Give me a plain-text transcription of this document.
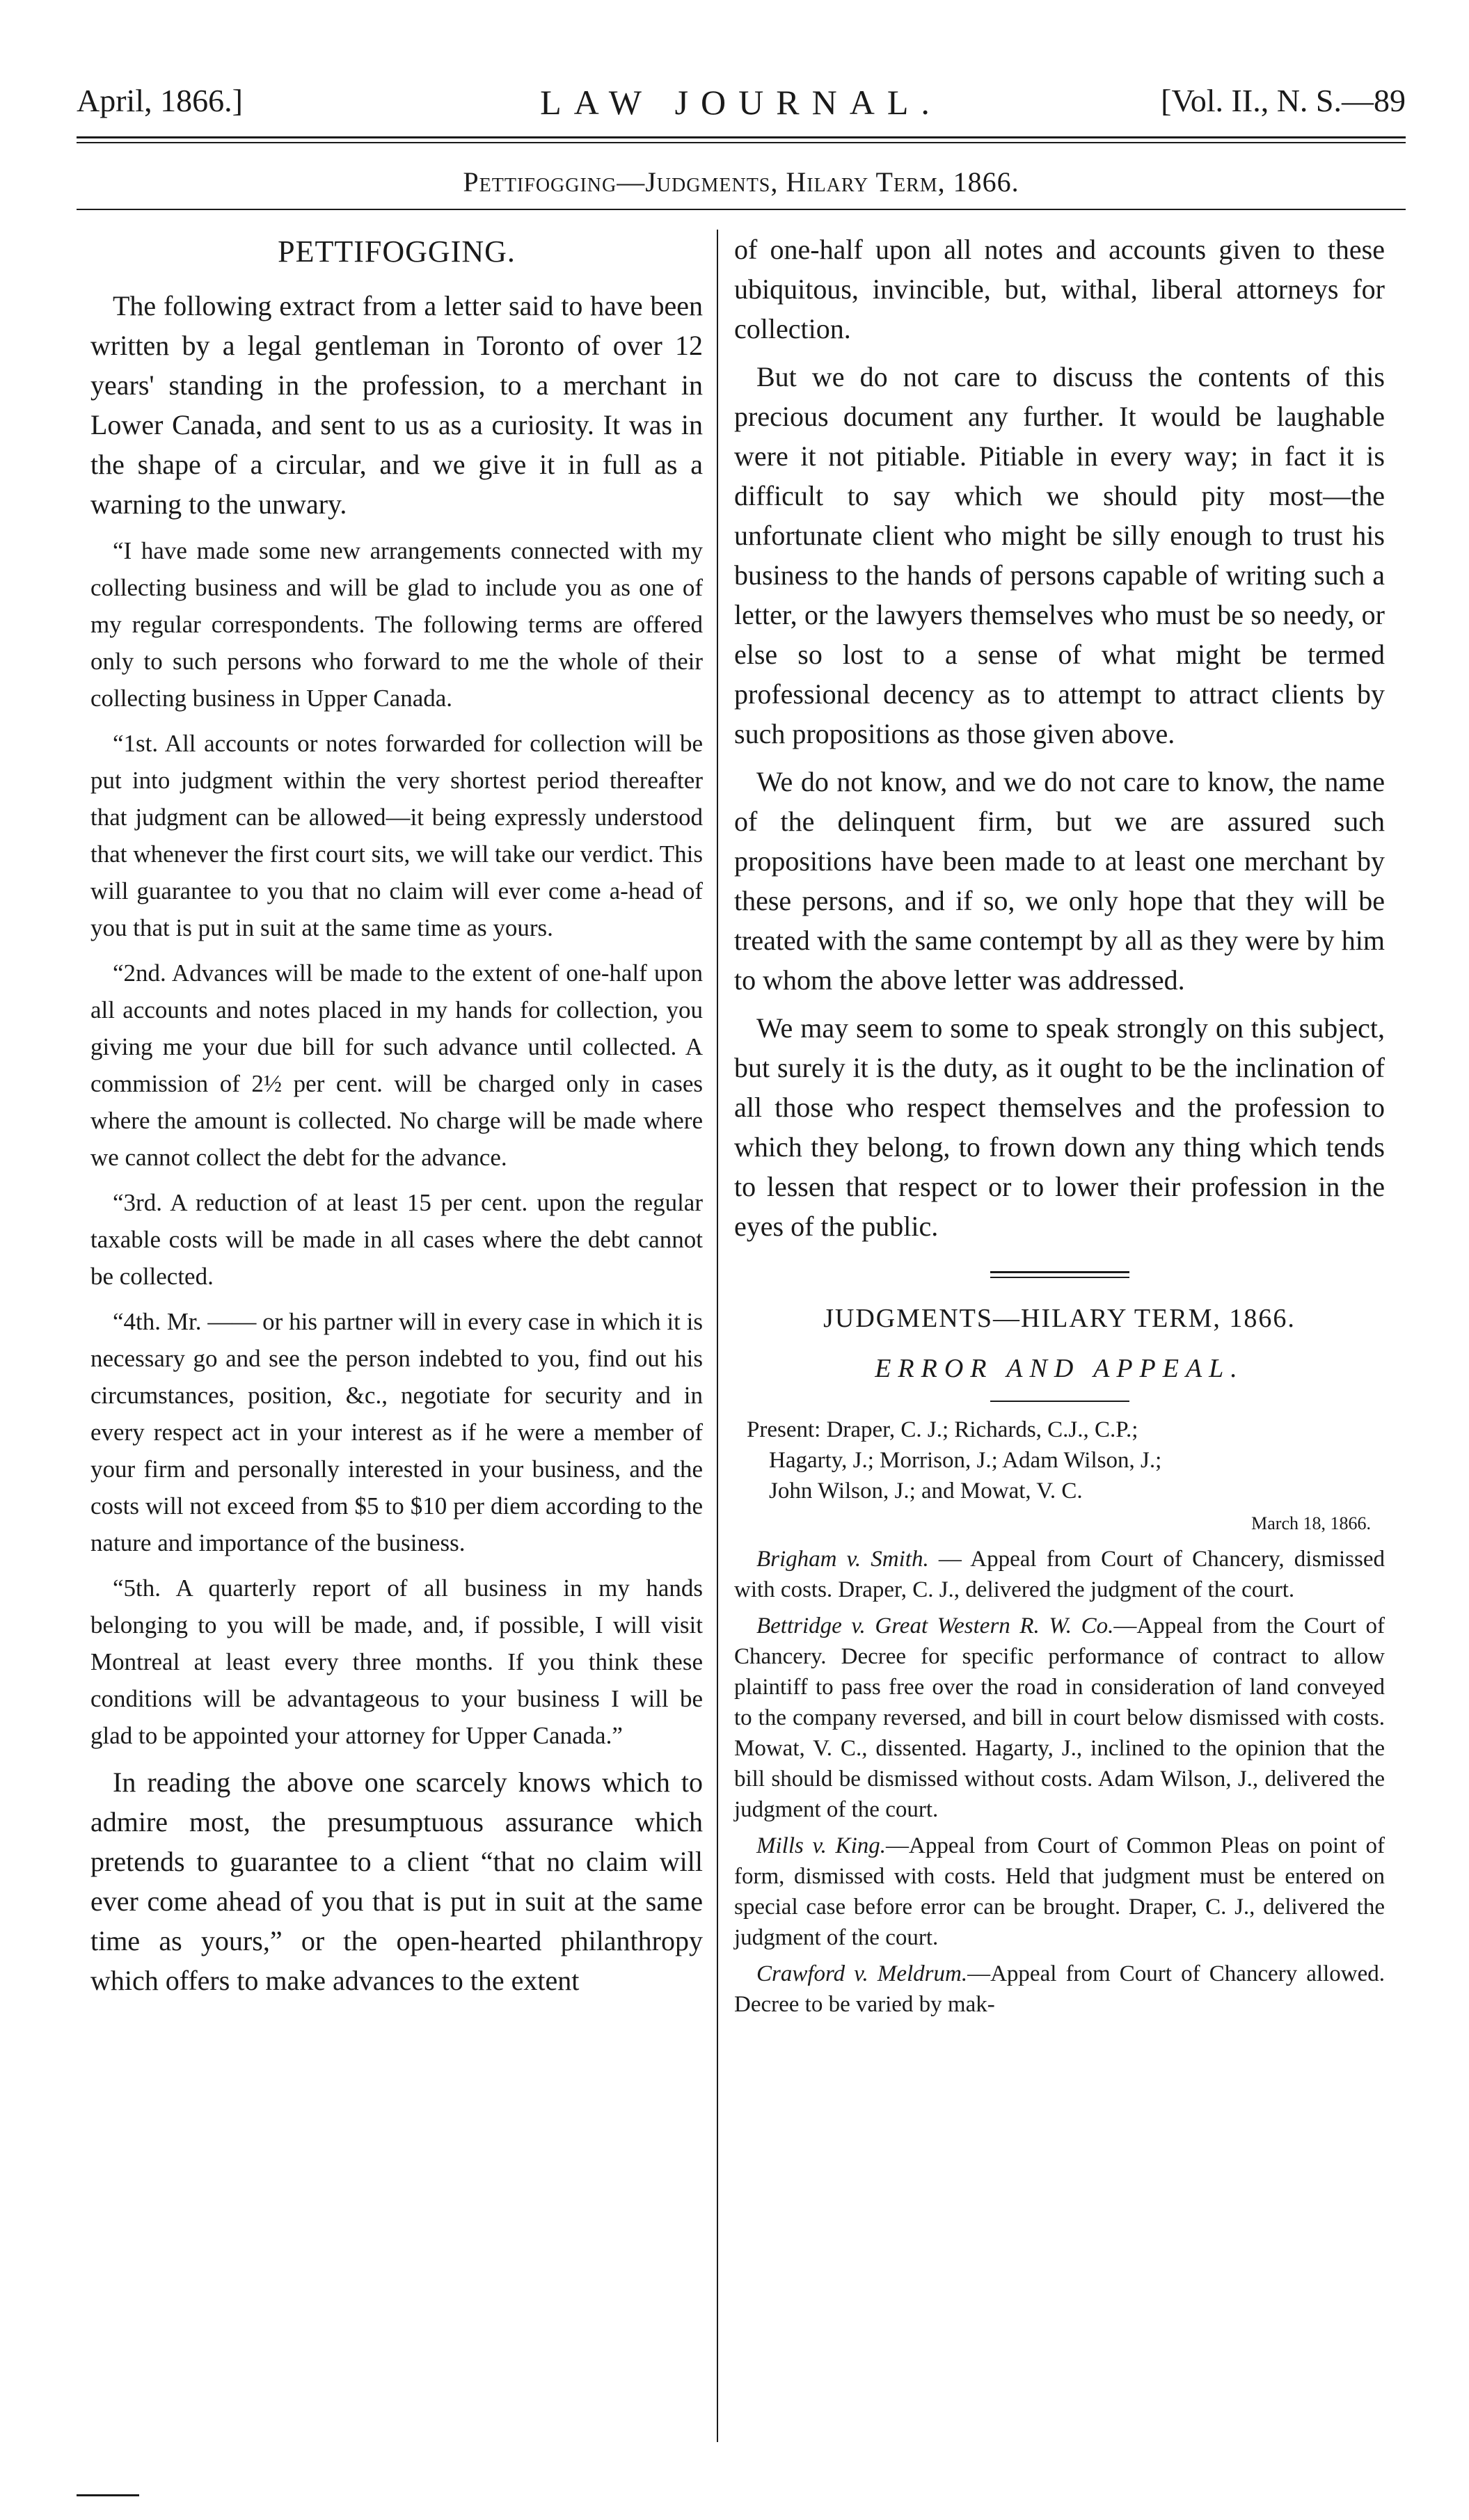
April, 1866.]	LAW JOURNAL.	[Vol. II., N. S.—89
Pettifogging—Judgments, Hilary Term, 1866.
PETTIFOGGING.

The following extract from a letter said to have been written by a legal gentleman in Toronto of over 12 years' standing in the profession, to a merchant in Lower Canada, and sent to us as a curiosity. It was in the shape of a circular, and we give it in full as a warning to the unwary.

“I have made some new arrangements connected with my collecting business and will be glad to include you as one of my regular correspondents. The following terms are offered only to such persons who forward to me the whole of their collecting business in Upper Canada.

“1st. All accounts or notes forwarded for collection will be put into judgment within the very shortest period thereafter that judgment can be allowed—it being expressly understood that whenever the first court sits, we will take our verdict. This will guarantee to you that no claim will ever come a-head of you that is put in suit at the same time as yours.

“2nd. Advances will be made to the extent of one-half upon all accounts and notes placed in my hands for collection, you giving me your due bill for such advance until collected. A commission of 2½ per cent. will be charged only in cases where the amount is collected. No charge will be made where we cannot collect the debt for the advance.

“3rd. A reduction of at least 15 per cent. upon the regular taxable costs will be made in all cases where the debt cannot be collected.

“4th. Mr. —— or his partner will in every case in which it is necessary go and see the person indebted to you, find out his circumstances, position, &c., negotiate for security and in every respect act in your interest as if he were a member of your firm and personally interested in your business, and the costs will not exceed from $5 to $10 per diem according to the nature and importance of the business.

“5th. A quarterly report of all business in my hands belonging to you will be made, and, if possible, I will visit Montreal at least every three months. If you think these conditions will be advantageous to your business I will be glad to be appointed your attorney for Upper Canada.”

In reading the above one scarcely knows which to admire most, the presumptuous assurance which pretends to guarantee to a client “that no claim will ever come ahead of you that is put in suit at the same time as yours,” or the open-hearted philanthropy which offers to make advances to the extent

of one-half upon all notes and accounts given to these ubiquitous, invincible, but, withal, liberal attorneys for collection.

But we do not care to discuss the contents of this precious document any further. It would be laughable were it not pitiable. Pitiable in every way; in fact it is difficult to say which we should pity most—the unfortunate client who might be silly enough to trust his business to the hands of persons capable of writing such a letter, or the lawyers themselves who must be so needy, or else so lost to a sense of what might be termed professional decency as to attempt to attract clients by such propositions as those given above.

We do not know, and we do not care to know, the name of the delinquent firm, but we are assured such propositions have been made to at least one merchant by these persons, and if so, we only hope that they will be treated with the same contempt by all as they were by him to whom the above letter was addressed.

We may seem to some to speak strongly on this subject, but surely it is the duty, as it ought to be the inclination of all those who respect themselves and the profession to which they belong, to frown down any thing which tends to lessen that respect or to lower their profession in the eyes of the public.

JUDGMENTS—HILARY TERM, 1866.
ERROR AND APPEAL.
Present: Draper, C. J.; Richards, C.J., C.P.;
Hagarty, J.; Morrison, J.; Adam Wilson, J.;
John Wilson, J.; and Mowat, V. C.
March 18, 1866.

Brigham v. Smith. — Appeal from Court of Chancery, dismissed with costs. Draper, C. J., delivered the judgment of the court.

Bettridge v. Great Western R. W. Co.—Appeal from the Court of Chancery. Decree for specific performance of contract to allow plaintiff to pass free over the road in consideration of land conveyed to the company reversed, and bill in court below dismissed with costs. Mowat, V. C., dissented. Hagarty, J., inclined to the opinion that the bill should be dismissed without costs. Adam Wilson, J., delivered the judgment of the court.

Mills v. King.—Appeal from Court of Common Pleas on point of form, dismissed with costs. Held that judgment must be entered on special case before error can be brought. Draper, C. J., delivered the judgment of the court.

Crawford v. Meldrum.—Appeal from Court of Chancery allowed. Decree to be varied by mak-
